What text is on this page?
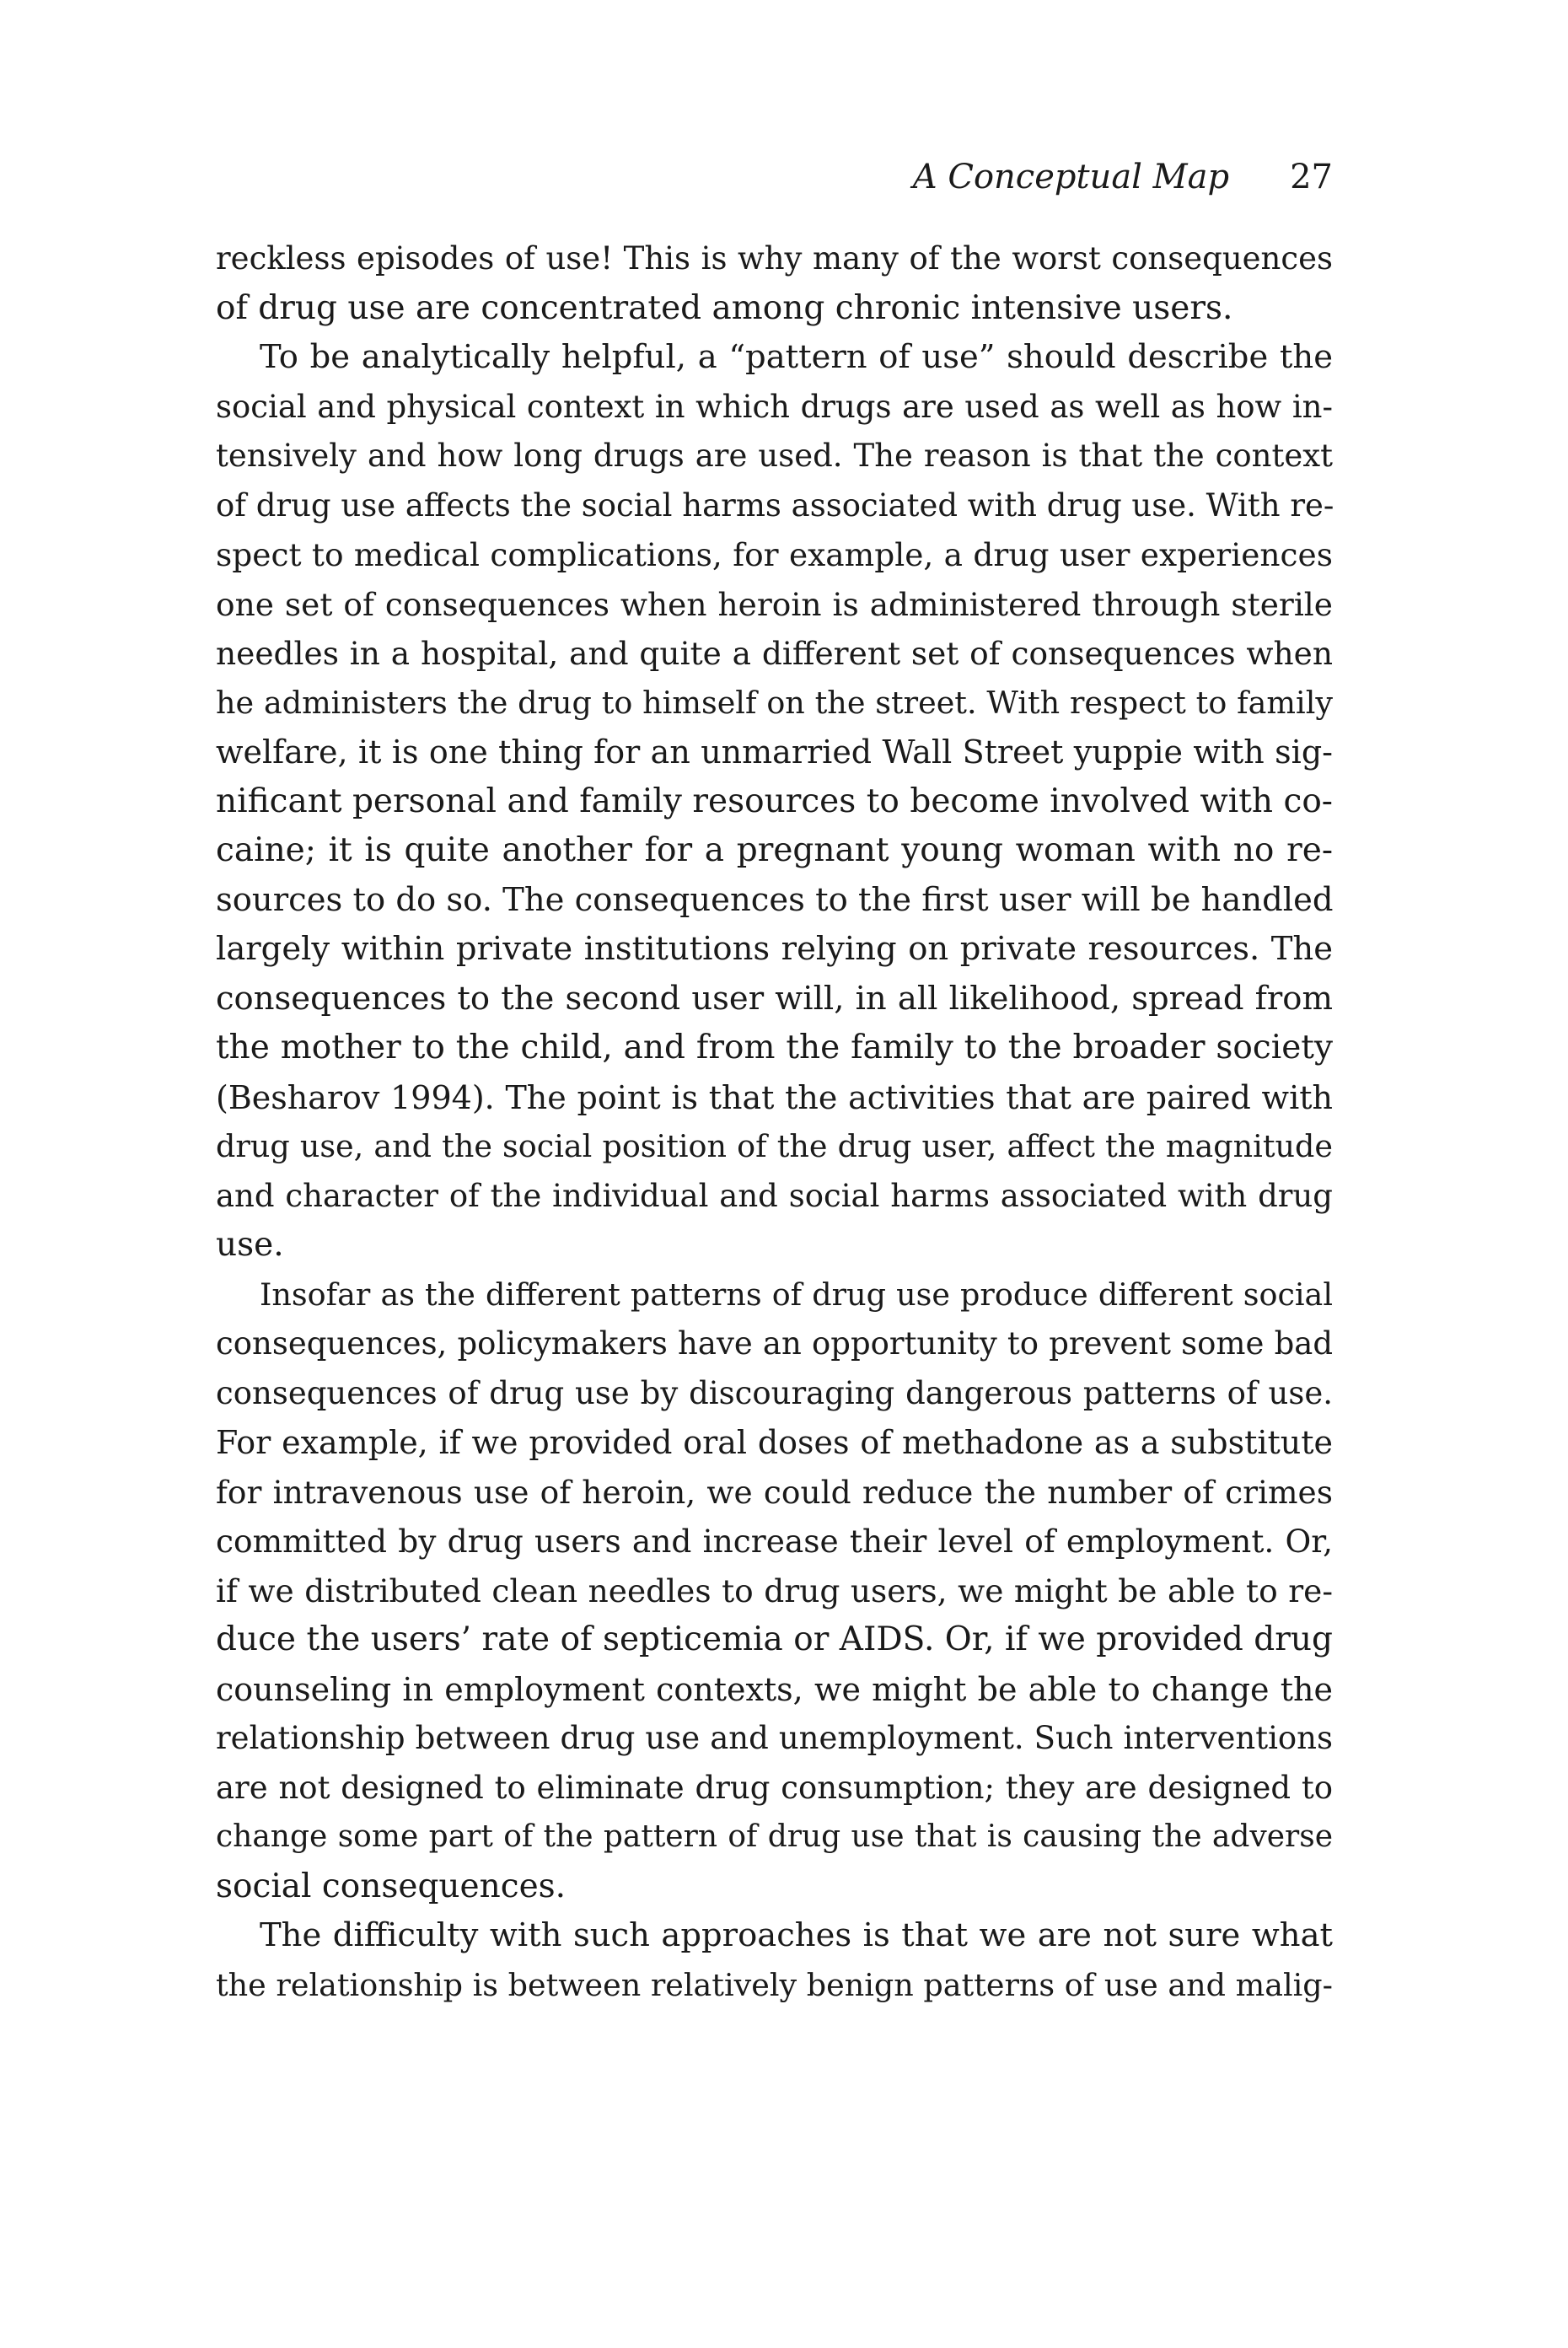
A Conceptual Map 27
reckless episodes of use! This is why many of the worst consequences
of drug use are concentrated among chronic intensive users.
To be analytically helpful, a “pattern of use” should describe the
social and physical context in which drugs are used as well as how in-
tensively and how long drugs are used. The reason is that the context
of drug use affects the social harms associated with drug use. With re-
spect to medical complications, for example, a drug user experiences
one set of consequences when heroin is administered through sterile
needles in a hospital, and quite a different set of consequences when
he administers the drug to himself on the street. With respect to family
welfare, it is one thing for an unmarried Wall Street yuppie with sig-
nificant personal and family resources to become involved with co-
caine; it is quite another for a pregnant young woman with no re-
sources to do so. The consequences to the first user will be handled
largely within private institutions relying on private resources. The
consequences to the second user will, in all likelihood, spread from
the mother to the child, and from the family to the broader society
(Besharov 1994). The point is that the activities that are paired with
drug use, and the social position of the drug user, affect the magnitude
and character of the individual and social harms associated with drug
use.
Insofar as the different patterns of drug use produce different social
consequences, policymakers have an opportunity to prevent some bad
consequences of drug use by discouraging dangerous patterns of use.
For example, if we provided oral doses of methadone as a substitute
for intravenous use of heroin, we could reduce the number of crimes
committed by drug users and increase their level of employment. Or,
if we distributed clean needles to drug users, we might be able to re-
duce the users’ rate of septicemia or AIDS. Or, if we provided drug
counseling in employment contexts, we might be able to change the
relationship between drug use and unemployment. Such interventions
are not designed to eliminate drug consumption; they are designed to
change some part of the pattern of drug use that is causing the adverse
social consequences.
The difficulty with such approaches is that we are not sure what
the relationship is between relatively benign patterns of use and malig-
